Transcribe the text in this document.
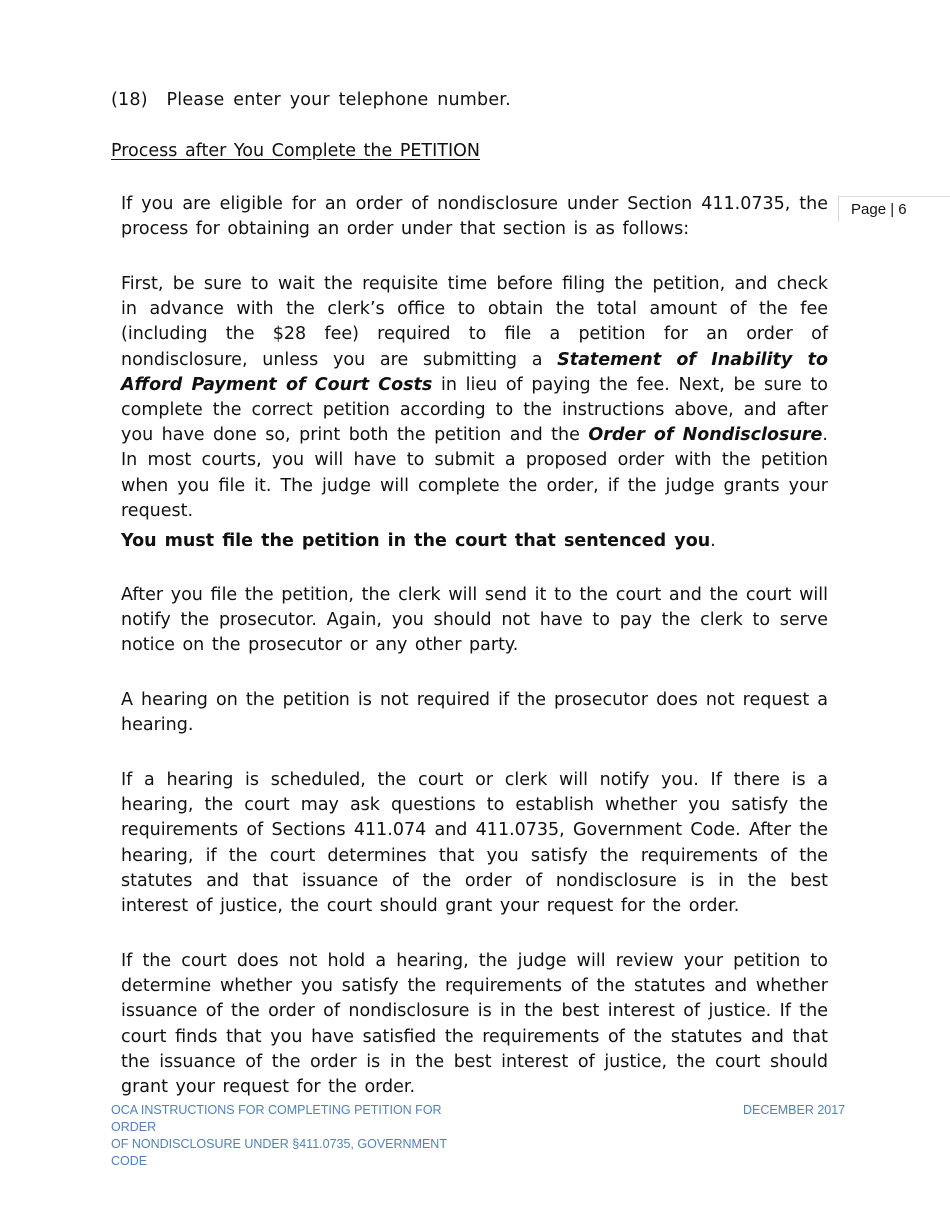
(18) Please enter your telephone number.
Process after You Complete the PETITION
Page | 6

If you are eligible for an order of nondisclosure under Section 411.0735, the process for obtaining an order under that section is as follows:

First, be sure to wait the requisite time before filing the petition, and check in advance with the clerk’s office to obtain the total amount of the fee (including the $28 fee) required to file a petition for an order of nondisclosure, unless you are submitting a Statement of Inability to Afford Payment of Court Costs in lieu of paying the fee. Next, be sure to complete the correct petition according to the instructions above, and after you have done so, print both the petition and the Order of Nondisclosure. In most courts, you will have to submit a proposed order with the petition when you file it. The judge will complete the order, if the judge grants your request.

You must file the petition in the court that sentenced you.

After you file the petition, the clerk will send it to the court and the court will notify the prosecutor. Again, you should not have to pay the clerk to serve notice on the prosecutor or any other party.

A hearing on the petition is not required if the prosecutor does not request a hearing.

If a hearing is scheduled, the court or clerk will notify you. If there is a hearing, the court may ask questions to establish whether you satisfy the requirements of Sections 411.074 and 411.0735, Government Code. After the hearing, if the court determines that you satisfy the requirements of the statutes and that issuance of the order of nondisclosure is in the best interest of justice, the court should grant your request for the order.

If the court does not hold a hearing, the judge will review your petition to determine whether you satisfy the requirements of the statutes and whether issuance of the order of nondisclosure is in the best interest of justice. If the court finds that you have satisfied the requirements of the statutes and that the issuance of the order is in the best interest of justice, the court should grant your request for the order.

OCA INSTRUCTIONS FOR COMPLETING PETITION FOR ORDER
OF NONDISCLOSURE UNDER §411.0735, GOVERNMENT
CODE
DECEMBER 2017
